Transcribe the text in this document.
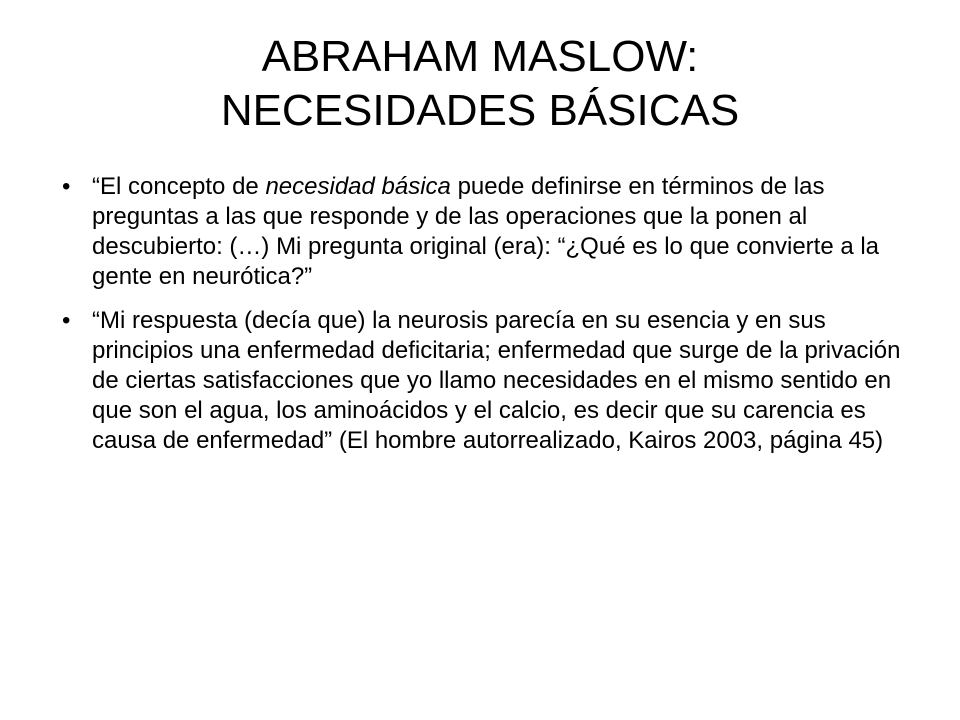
ABRAHAM MASLOW:
NECESIDADES BÁSICAS
• “El concepto de necesidad básica puede definirse en términos de las preguntas a las que responde y de las operaciones que la ponen al descubierto: (…) Mi pregunta original (era): “¿Qué es lo que convierte a la gente en neurótica?”
• “Mi respuesta (decía que) la neurosis parecía en su esencia y en sus principios una enfermedad deficitaria; enfermedad que surge de la privación de ciertas satisfacciones que yo llamo necesidades en el mismo sentido en que son el agua, los aminoácidos y el calcio, es decir que su carencia es causa de enfermedad” (El hombre autorrealizado, Kairos 2003, página 45)
